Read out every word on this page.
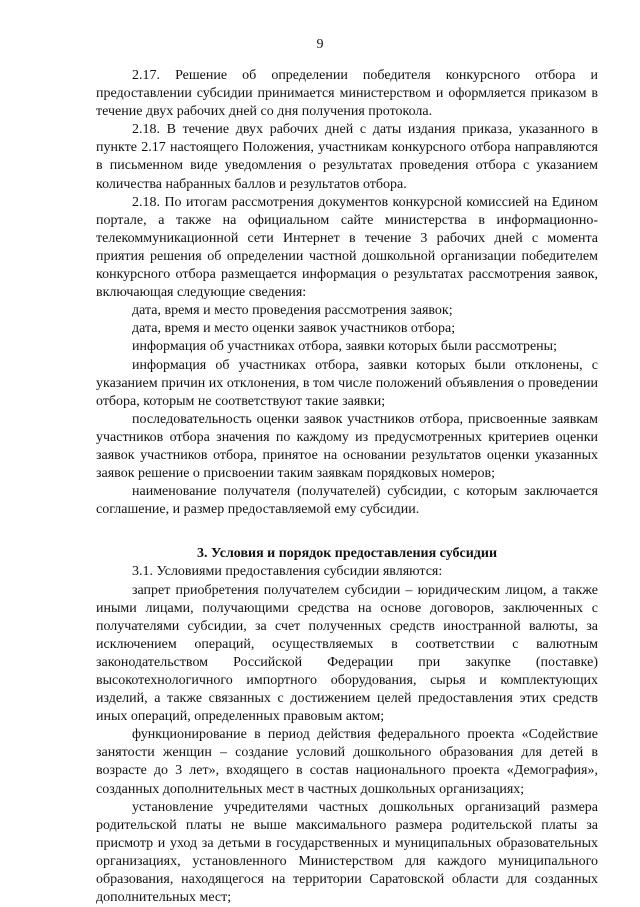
9

2.17. Решение об определении победителя конкурсного отбора и предоставлении субсидии принимается министерством и оформляется приказом в течение двух рабочих дней со дня получения протокола.

2.18. В течение двух рабочих дней с даты издания приказа, указанного в пункте 2.17 настоящего Положения, участникам конкурсного отбора направляются в письменном виде уведомления о результатах проведения отбора с указанием количества набранных баллов и результатов отбора.

2.18. По итогам рассмотрения документов конкурсной комиссией на Едином портале, а также на официальном сайте министерства в информационно-телекоммуникационной сети Интернет в течение 3 рабочих дней с момента приятия решения об определении частной дошкольной организации победителем конкурсного отбора размещается информация о результатах рассмотрения заявок, включающая следующие сведения:

дата, время и место проведения рассмотрения заявок;

дата, время и место оценки заявок участников отбора;

информация об участниках отбора, заявки которых были рассмотрены;

информация об участниках отбора, заявки которых были отклонены, с указанием причин их отклонения, в том числе положений объявления о проведении отбора, которым не соответствуют такие заявки;

последовательность оценки заявок участников отбора, присвоенные заявкам участников отбора значения по каждому из предусмотренных критериев оценки заявок участников отбора, принятое на основании результатов оценки указанных заявок решение о присвоении таким заявкам порядковых номеров;

наименование получателя (получателей) субсидии, с которым заключается соглашение, и размер предоставляемой ему субсидии.

3. Условия и порядок предоставления субсидии

3.1. Условиями предоставления субсидии являются:

запрет приобретения получателем субсидии – юридическим лицом, а также иными лицами, получающими средства на основе договоров, заключенных с получателями субсидии, за счет полученных средств иностранной валюты, за исключением операций, осуществляемых в соответствии с валютным законодательством Российской Федерации при закупке (поставке) высокотехнологичного импортного оборудования, сырья и комплектующих изделий, а также связанных с достижением целей предоставления этих средств иных операций, определенных правовым актом;

функционирование в период действия федерального проекта «Содействие занятости женщин – создание условий дошкольного образования для детей в возрасте до 3 лет», входящего в состав национального проекта «Демография», созданных дополнительных мест в частных дошкольных организациях;

установление учредителями частных дошкольных организаций размера родительской платы не выше максимального размера родительской платы за присмотр и уход за детьми в государственных и муниципальных образовательных организациях, установленного Министерством для каждого муниципального образования, находящегося на территории Саратовской области для созданных дополнительных мест;
